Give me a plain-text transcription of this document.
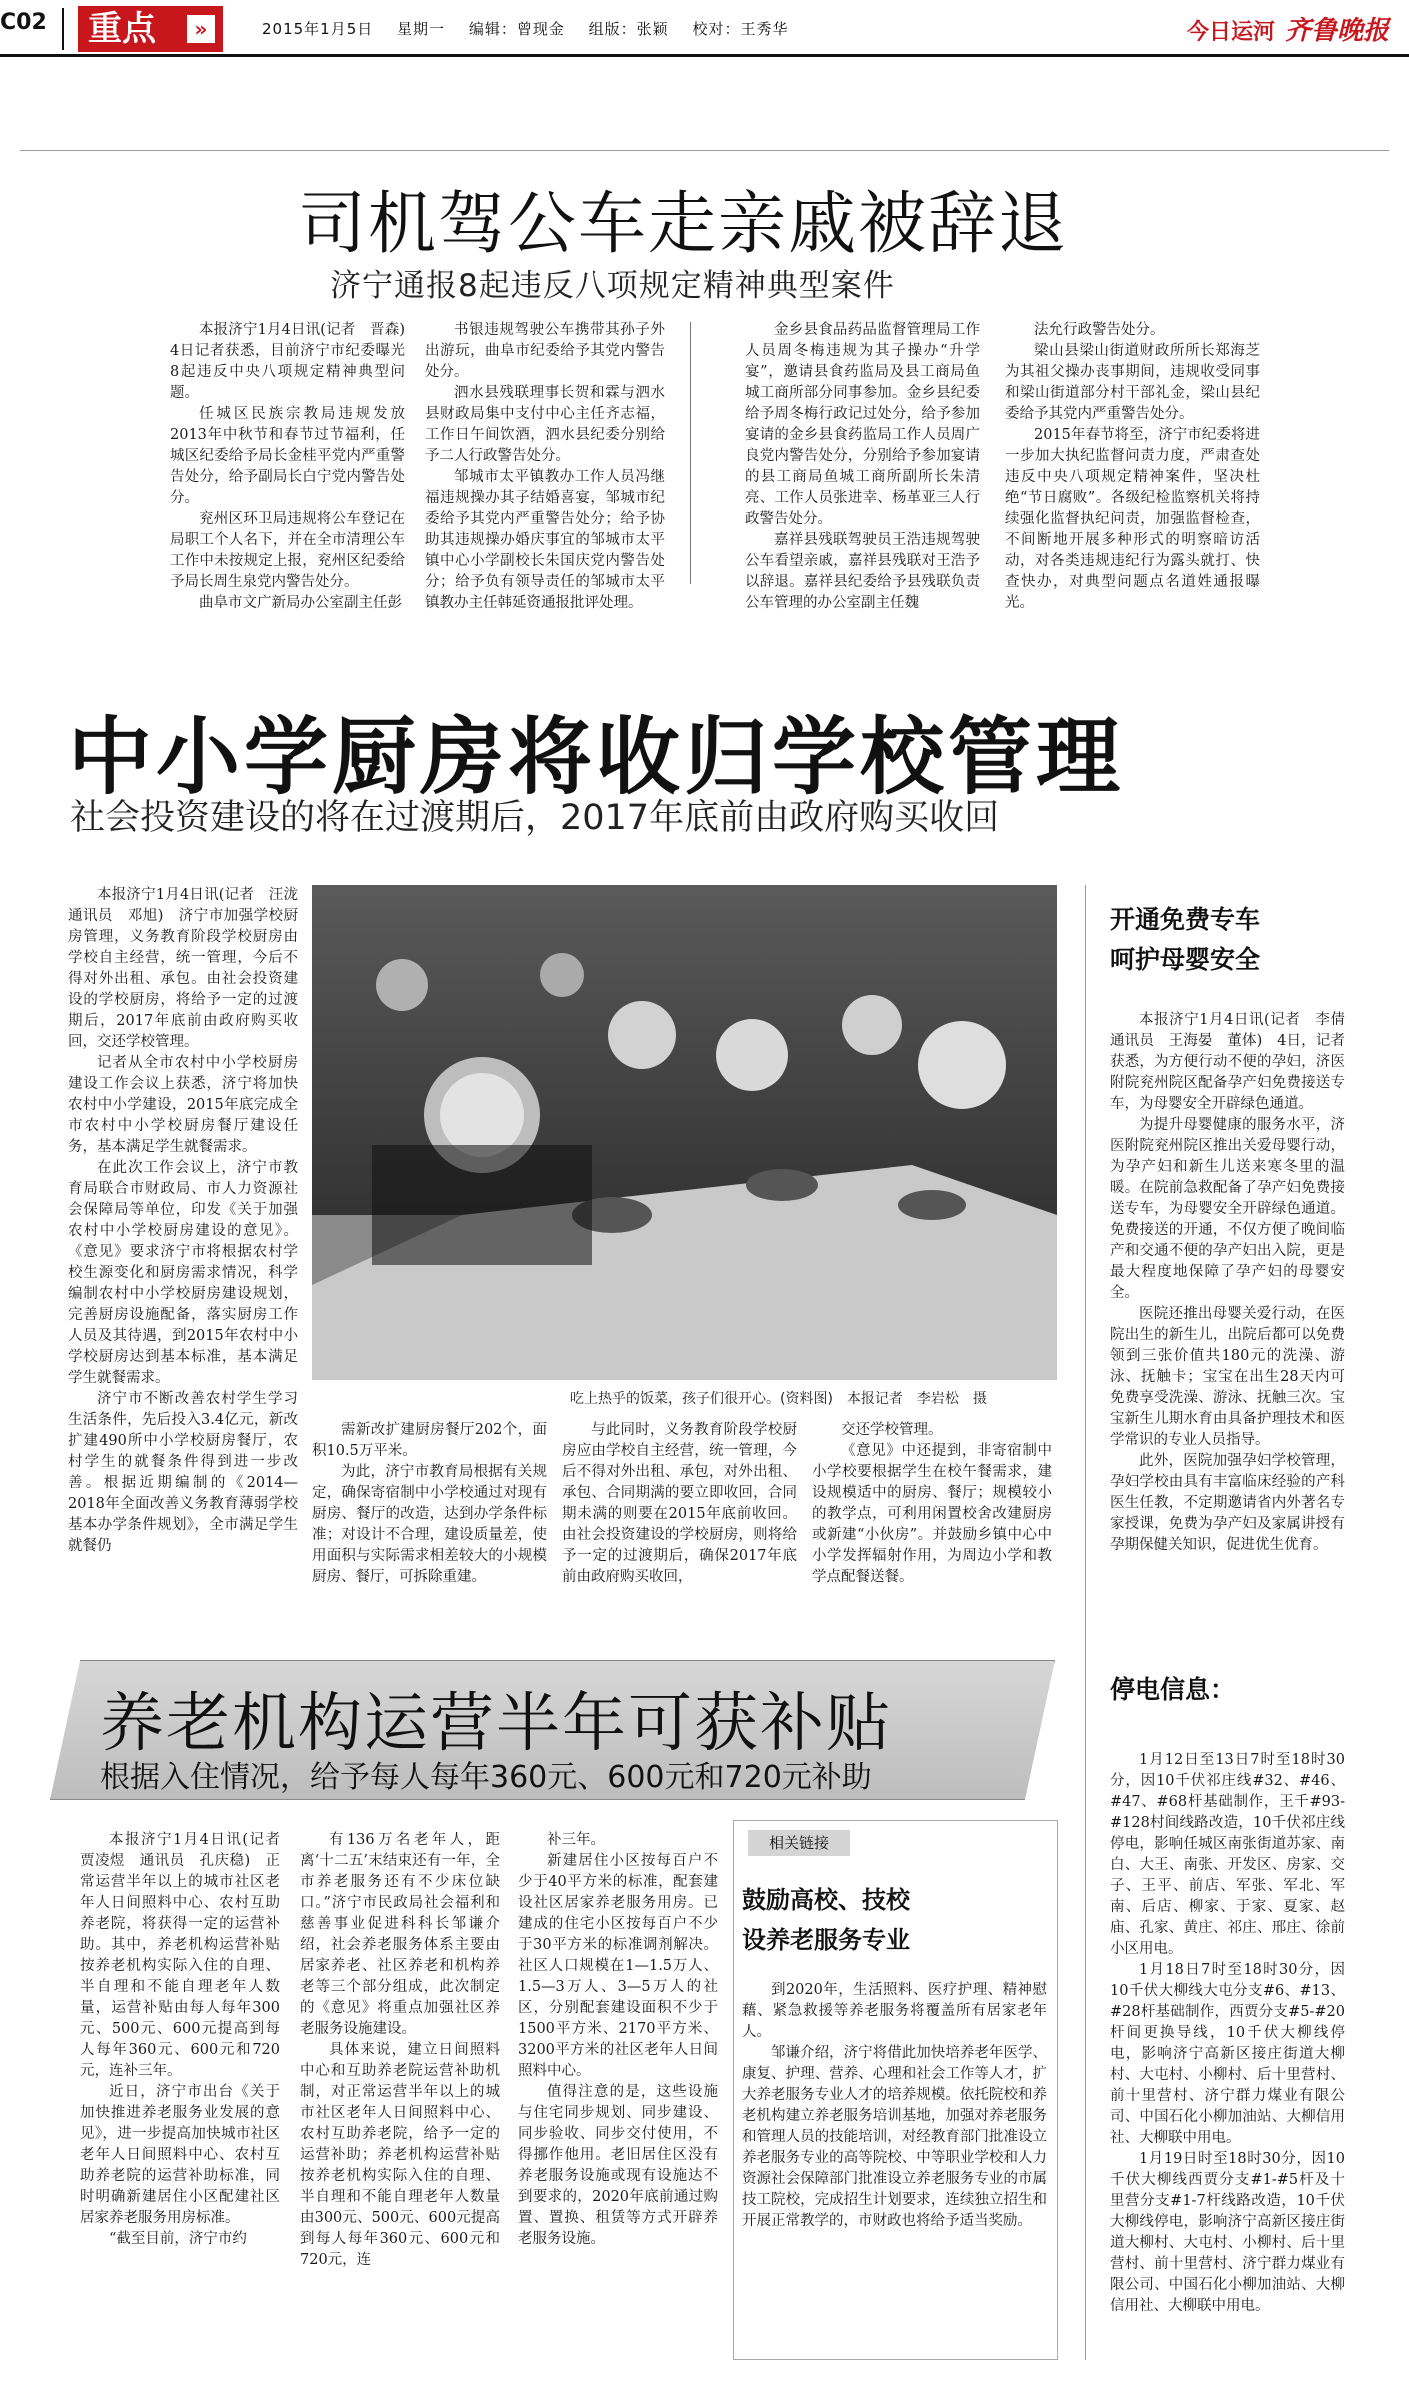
C02 重点	»	2015年1月5日 星期一 编辑：曾现金 组版：张颖 校对：王秀华	今日运河 齐鲁晚报
司机驾公车走亲戚被辞退
济宁通报8起违反八项规定精神典型案件

本报济宁1月4日讯(记者　晋森)　4日记者获悉，目前济宁市纪委曝光8起违反中央八项规定精神典型问题。

任城区民族宗教局违规发放2013年中秋节和春节过节福利，任城区纪委给予局长金桂平党内严重警告处分，给予副局长白宁党内警告处分。

兖州区环卫局违规将公车登记在局职工个人名下，并在全市清理公车工作中未按规定上报，兖州区纪委给予局长周生泉党内警告处分。

曲阜市文广新局办公室副主任彭

书银违规驾驶公车携带其孙子外出游玩，曲阜市纪委给予其党内警告处分。

泗水县残联理事长贺和霖与泗水县财政局集中支付中心主任齐志福，工作日午间饮酒，泗水县纪委分别给予二人行政警告处分。

邹城市太平镇教办工作人员冯继福违规操办其子结婚喜宴，邹城市纪委给予其党内严重警告处分；给予协助其违规操办婚庆事宜的邹城市太平镇中心小学副校长朱国庆党内警告处分；给予负有领导责任的邹城市太平镇教办主任韩延资通报批评处理。

金乡县食品药品监督管理局工作人员周冬梅违规为其子操办“升学宴”，邀请县食药监局及县工商局鱼城工商所部分同事参加。金乡县纪委给予周冬梅行政记过处分，给予参加宴请的金乡县食药监局工作人员周广良党内警告处分，分别给予参加宴请的县工商局鱼城工商所副所长朱清亮、工作人员张进幸、杨革亚三人行政警告处分。

嘉祥县残联驾驶员王浩违规驾驶公车看望亲戚，嘉祥县残联对王浩予以辞退。嘉祥县纪委给予县残联负责公车管理的办公室副主任魏

法允行政警告处分。

梁山县梁山街道财政所所长郑海芝为其祖父操办丧事期间，违规收受同事和梁山街道部分村干部礼金，梁山县纪委给予其党内严重警告处分。

2015年春节将至，济宁市纪委将进一步加大执纪监督问责力度，严肃查处违反中央八项规定精神案件，坚决杜绝“节日腐败”。各级纪检监察机关将持续强化监督执纪问责，加强监督检查，不间断地开展多种形式的明察暗访活动，对各类违规违纪行为露头就打、快查快办，对典型问题点名道姓通报曝光。

中小学厨房将收归学校管理
社会投资建设的将在过渡期后，2017年底前由政府购买收回

本报济宁1月4日讯(记者　汪泷　通讯员　邓旭)　济宁市加强学校厨房管理，义务教育阶段学校厨房由学校自主经营，统一管理，今后不得对外出租、承包。由社会投资建设的学校厨房，将给予一定的过渡期后，2017年底前由政府购买收回，交还学校管理。

记者从全市农村中小学校厨房建设工作会议上获悉，济宁将加快农村中小学建设，2015年底完成全市农村中小学校厨房餐厅建设任务，基本满足学生就餐需求。

在此次工作会议上，济宁市教育局联合市财政局、市人力资源社会保障局等单位，印发《关于加强农村中小学校厨房建设的意见》。《意见》要求济宁市将根据农村学校生源变化和厨房需求情况，科学编制农村中小学校厨房建设规划，完善厨房设施配备，落实厨房工作人员及其待遇，到2015年农村中小学校厨房达到基本标准，基本满足学生就餐需求。

济宁市不断改善农村学生学习生活条件，先后投入3.4亿元，新改扩建490所中小学校厨房餐厅，农村学生的就餐条件得到进一步改善。根据近期编制的《2014—2018年全面改善义务教育薄弱学校基本办学条件规划》，全市满足学生就餐仍

吃上热乎的饭菜，孩子们很开心。(资料图)　本报记者　李岩松　摄

需新改扩建厨房餐厅202个，面积10.5万平米。

为此，济宁市教育局根据有关规定，确保寄宿制中小学校通过对现有厨房、餐厅的改造，达到办学条件标准；对设计不合理，建设质量差，使用面积与实际需求相差较大的小规模厨房、餐厅，可拆除重建。

与此同时，义务教育阶段学校厨房应由学校自主经营，统一管理，今后不得对外出租、承包，对外出租、承包、合同期满的要立即收回，合同期未满的则要在2015年底前收回。由社会投资建设的学校厨房，则将给予一定的过渡期后，确保2017年底前由政府购买收回，

交还学校管理。

《意见》中还提到，非寄宿制中小学校要根据学生在校午餐需求，建设规模适中的厨房、餐厅；规模较小的教学点，可利用闲置校舍改建厨房或新建“小伙房”。并鼓励乡镇中心中小学发挥辐射作用，为周边小学和教学点配餐送餐。

开通免费专车
呵护母婴安全

本报济宁1月4日讯(记者　李倩　通讯员　王海晏　董体)　4日，记者获悉，为方便行动不便的孕妇，济医附院兖州院区配备孕产妇免费接送专车，为母婴安全开辟绿色通道。

为提升母婴健康的服务水平，济医附院兖州院区推出关爱母婴行动，为孕产妇和新生儿送来寒冬里的温暖。在院前急救配备了孕产妇免费接送专车，为母婴安全开辟绿色通道。免费接送的开通，不仅方便了晚间临产和交通不便的孕产妇出入院，更是最大程度地保障了孕产妇的母婴安全。

医院还推出母婴关爱行动，在医院出生的新生儿，出院后都可以免费领到三张价值共180元的洗澡、游泳、抚触卡；宝宝在出生28天内可免费享受洗澡、游泳、抚触三次。宝宝新生儿期水育由具备护理技术和医学常识的专业人员指导。

此外，医院加强孕妇学校管理，孕妇学校由具有丰富临床经验的产科医生任教，不定期邀请省内外著名专家授课，免费为孕产妇及家属讲授有孕期保健关知识，促进优生优育。

停电信息：

1月12日至13日7时至18时30分，因10千伏祁庄线#32、#46、#47、#68杆基础制作，王千#93-#128村间线路改造，10千伏祁庄线停电，影响任城区南张街道苏家、南白、大王、南张、开发区、房家、交子、王平、前店、军张、军北、军南、后店、柳家、于家、夏家、赵庙、孔家、黄庄、祁庄、邢庄、徐前小区用电。

1月18日7时至18时30分，因10千伏大柳线大屯分支#6、#13、#28杆基础制作，西贾分支#5-#20杆间更换导线，10千伏大柳线停电，影响济宁高新区接庄街道大柳村、大屯村、小柳村、后十里营村、前十里营村、济宁群力煤业有限公司、中国石化小柳加油站、大柳信用社、大柳联中用电。

1月19日时至18时30分，因10千伏大柳线西贾分支#1-#5杆及十里营分支#1-7杆线路改造，10千伏大柳线停电，影响济宁高新区接庄街道大柳村、大屯村、小柳村、后十里营村、前十里营村、济宁群力煤业有限公司、中国石化小柳加油站、大柳信用社、大柳联中用电。

养老机构运营半年可获补贴
根据入住情况，给予每人每年360元、600元和720元补助

本报济宁1月4日讯(记者　贾凌煜　通讯员　孔庆稳)　正常运营半年以上的城市社区老年人日间照料中心、农村互助养老院，将获得一定的运营补助。其中，养老机构运营补贴按养老机构实际入住的自理、半自理和不能自理老年人数量，运营补贴由每人每年300元、500元、600元提高到每人每年360元、600元和720元，连补三年。

近日，济宁市出台《关于加快推进养老服务业发展的意见》，进一步提高加快城市社区老年人日间照料中心、农村互助养老院的运营补助标准，同时明确新建居住小区配建社区居家养老服务用房标准。

“截至目前，济宁市约

有136万名老年人，距离‘十二五’末结束还有一年，全市养老服务还有不少床位缺口。”济宁市民政局社会福利和慈善事业促进科科长邹谦介绍，社会养老服务体系主要由居家养老、社区养老和机构养老等三个部分组成，此次制定的《意见》将重点加强社区养老服务设施建设。

具体来说，建立日间照料中心和互助养老院运营补助机制，对正常运营半年以上的城市社区老年人日间照料中心、农村互助养老院，给予一定的运营补助；养老机构运营补贴按养老机构实际入住的自理、半自理和不能自理老年人数量由300元、500元、600元提高到每人每年360元、600元和720元，连

补三年。

新建居住小区按每百户不少于40平方米的标准，配套建设社区居家养老服务用房。已建成的住宅小区按每百户不少于30平方米的标准调剂解决。社区人口规模在1—1.5万人、1.5—3万人、3—5万人的社区，分别配套建设面积不少于1500平方米、2170平方米、3200平方米的社区老年人日间照料中心。

值得注意的是，这些设施与住宅同步规划、同步建设、同步验收、同步交付使用，不得挪作他用。老旧居住区没有养老服务设施或现有设施达不到要求的，2020年底前通过购置、置换、租赁等方式开辟养老服务设施。

相关链接
鼓励高校、技校
设养老服务专业

到2020年，生活照料、医疗护理、精神慰藉、紧急救援等养老服务将覆盖所有居家老年人。

邹谦介绍，济宁将借此加快培养老年医学、康复、护理、营养、心理和社会工作等人才，扩大养老服务专业人才的培养规模。依托院校和养老机构建立养老服务培训基地，加强对养老服务和管理人员的技能培训，对经教育部门批准设立养老服务专业的高等院校、中等职业学校和人力资源社会保障部门批准设立养老服务专业的市属技工院校，完成招生计划要求，连续独立招生和开展正常教学的，市财政也将给予适当奖励。
